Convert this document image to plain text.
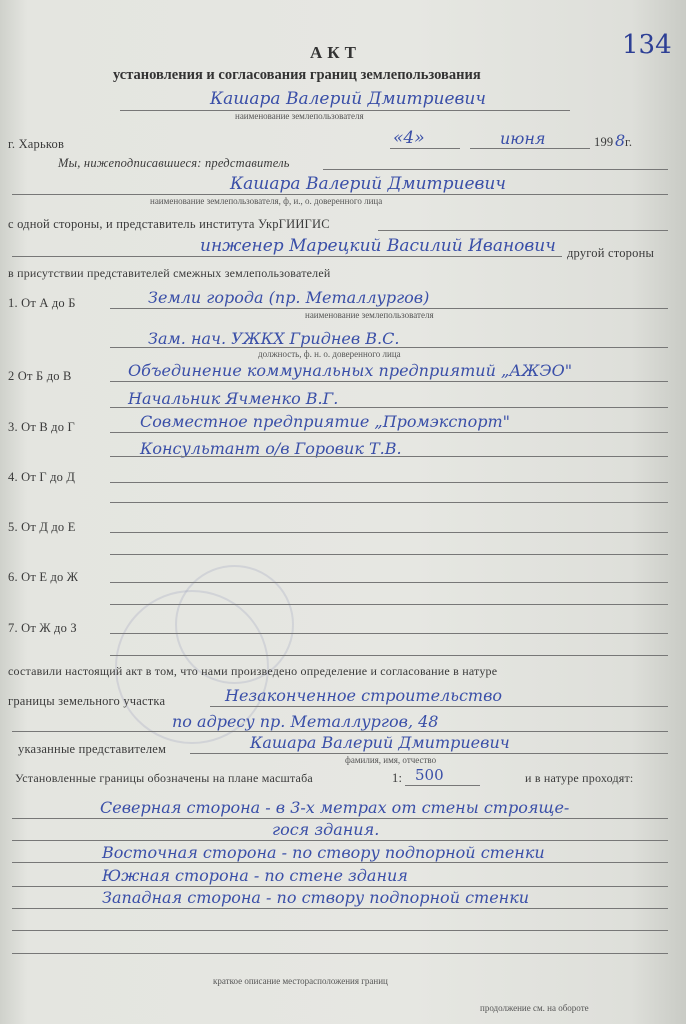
134
АКТ
установления и согласования границ землепользования
Кашара Валерий Дмитриевич
наименование землепользователя
г. Харьков	«4»	июня	199 8 г.
Мы, нижеподписавшиеся: представитель
Кашара Валерий Дмитриевич
наименование землепользователя, ф, и., о. доверенного лица
с одной стороны, и представитель института УкрГИИГИС
инженер Марецкий Василий Иванович другой стороны
в присутствии представителей смежных землепользователей
1. От А до Б	Земли города (пр. Металлургов)
наименование землепользователя
Зам. нач. УЖКХ Гриднев В.С.
должность, ф. н. о. доверенного лица
2 От Б до В	Объединение коммунальных предприятий „АЖЭО"
Начальник Ячменко В.Г.
3. От В до Г	Совместное предприятие „Промэкспорт"
Консультант о/в Горовик Т.В.
4. От Г до Д
5. От Д до Е
6. От Е до Ж
7. От Ж до З
составили настоящий акт в том, что нами произведено определение и согласование в натуре
границы земельного участка	Незаконченное строительство
по адресу пр. Металлургов, 48
указанные представителем	Кашара Валерий Дмитриевич
фамилия, имя, отчество
Установленные границы обозначены на плане масштаба	1: 500	и в натуре проходят:
Северная сторона - в 3-х метрах от стены строяще-
гося здания.
Восточная сторона - по створу подпорной стенки
Южная сторона - по стене здания
Западная сторона - по створу подпорной стенки
краткое описание месторасположения границ
продолжение см. на обороте
